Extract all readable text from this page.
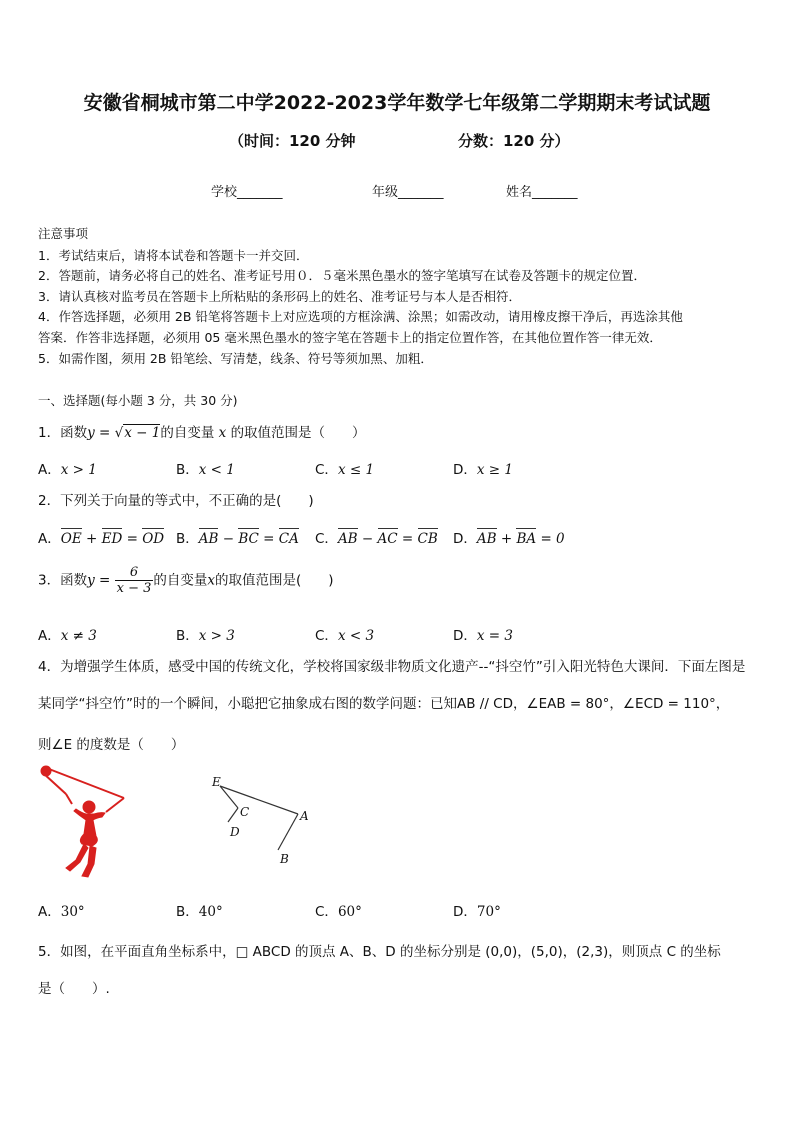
安徽省桐城市第二中学2022-2023学年数学七年级第二学期期末考试试题
（时间：120 分钟	分数：120 分）
学校_______	年级_______	姓名_______
注意事项
1．考试结束后，请将本试卷和答题卡一并交回．
2．答题前，请务必将自己的姓名、准考证号用０．５毫米黑色墨水的签字笔填写在试卷及答题卡的规定位置．
3．请认真核对监考员在答题卡上所粘贴的条形码上的姓名、准考证号与本人是否相符．
4．作答选择题，必须用 2B 铅笔将答题卡上对应选项的方框涂满、涂黑；如需改动，请用橡皮擦干净后，再选涂其他
答案．作答非选择题，必须用 05 毫米黑色墨水的签字笔在答题卡上的指定位置作答，在其他位置作答一律无效．
5．如需作图，须用 2B 铅笔绘、写清楚，线条、符号等须加黑、加粗．
一、选择题(每小题 3 分，共 30 分)
1．函数y = √x − 1的自变量 x 的取值范围是（　　）
A．x > 1	B．x < 1	C．x ≤ 1	D．x ≥ 1
2．下列关于向量的等式中，不正确的是(　　)
A．OE + ED = OD B．AB − BC = CA C．AB − AC = CB D．AB + BA = 0
3．函数$y = \frac{6}{x - 3}$ 的自变量x的取值范围是(　　)
A．x ≠ 3	B．x > 3	C．x < 3	D．x = 3
4．为增强学生体质，感受中国的传统文化，学校将国家级非物质文化遗产--“抖空竹”引入阳光特色大课间．下面左图是
某同学“抖空竹”时的一个瞬间，小聪把它抽象成右图的数学问题：已知AB // CD，∠EAB = 80°，∠ECD = 110°，
则∠E 的度数是（　　）
E
C
D
A
B
A．30°	B．40°	C．60°	D．70°
5．如图，在平面直角坐标系中，□ ABCD 的顶点 A、B、D 的坐标分别是 (0,0)，(5,0)，(2,3)，则顶点 C 的坐标
是（　　）.
